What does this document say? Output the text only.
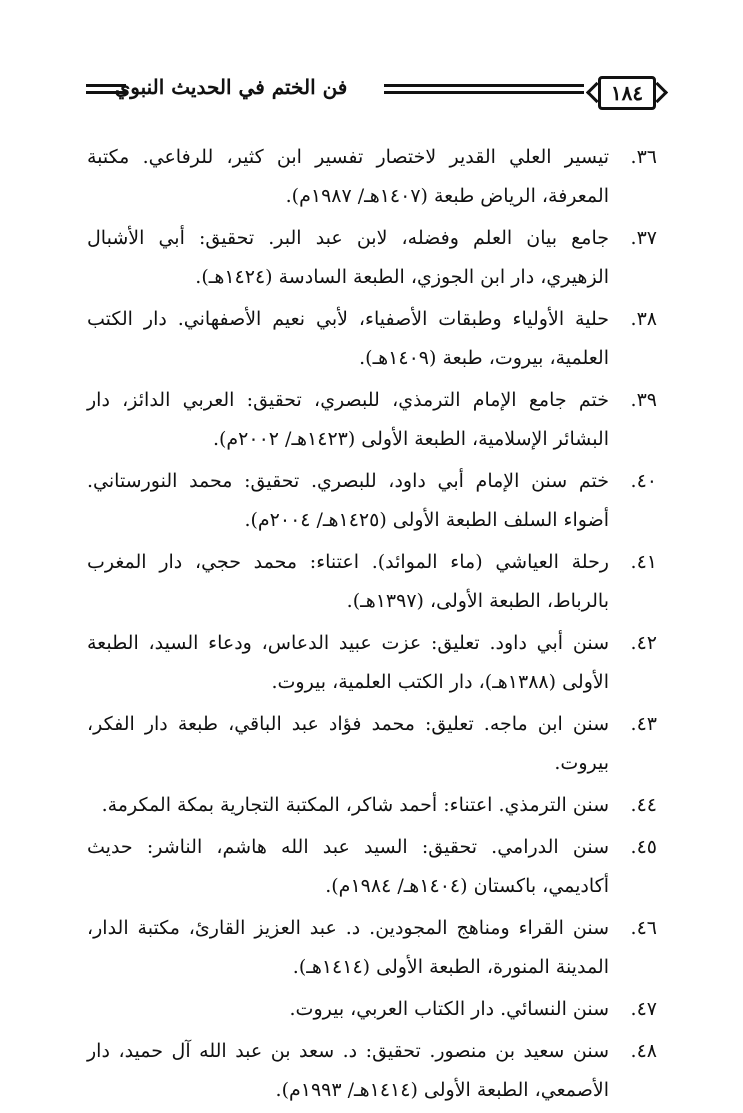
١٨٤
فن الختم في الحديث النبوي
٣٦.
تيسير العلي القدير لاختصار تفسير ابن كثير، للرفاعي. مكتبة المعرفة، الرياض طبعة (١٤٠٧هـ/ ١٩٨٧م).
٣٧.
جامع بيان العلم وفضله، لابن عبد البر. تحقيق: أبي الأشبال الزهيري، دار ابن الجوزي، الطبعة السادسة (١٤٢٤هـ).
٣٨.
حلية الأولياء وطبقات الأصفياء، لأبي نعيم الأصفهاني. دار الكتب العلمية، بيروت، طبعة (١٤٠٩هـ).
٣٩.
ختم جامع الإمام الترمذي، للبصري، تحقيق: العربي الدائز، دار البشائر الإسلامية، الطبعة الأولى (١٤٢٣هـ/ ٢٠٠٢م).
٤٠.
ختم سنن الإمام أبي داود، للبصري. تحقيق: محمد النورستاني. أضواء السلف الطبعة الأولى (١٤٢٥هـ/ ٢٠٠٤م).
٤١.
رحلة العياشي (ماء الموائد). اعتناء: محمد حجي، دار المغرب بالرباط، الطبعة الأولى، (١٣٩٧هـ).
٤٢.
سنن أبي داود. تعليق: عزت عبيد الدعاس، ودعاء السيد، الطبعة الأولى (١٣٨٨هـ)، دار الكتب العلمية، بيروت.
٤٣.
سنن ابن ماجه. تعليق: محمد فؤاد عبد الباقي، طبعة دار الفكر، بيروت.
٤٤.
سنن الترمذي. اعتناء: أحمد شاكر، المكتبة التجارية بمكة المكرمة.
٤٥.
سنن الدرامي. تحقيق: السيد عبد الله هاشم، الناشر: حديث أكاديمي، باكستان (١٤٠٤هـ/ ١٩٨٤م).
٤٦.
سنن القراء ومناهج المجودين. د. عبد العزيز القارئ، مكتبة الدار، المدينة المنورة، الطبعة الأولى (١٤١٤هـ).
٤٧.
سنن النسائي. دار الكتاب العربي، بيروت.
٤٨.
سنن سعيد بن منصور. تحقيق: د. سعد بن عبد الله آل حميد، دار الأصمعي، الطبعة الأولى (١٤١٤هـ/ ١٩٩٣م).
